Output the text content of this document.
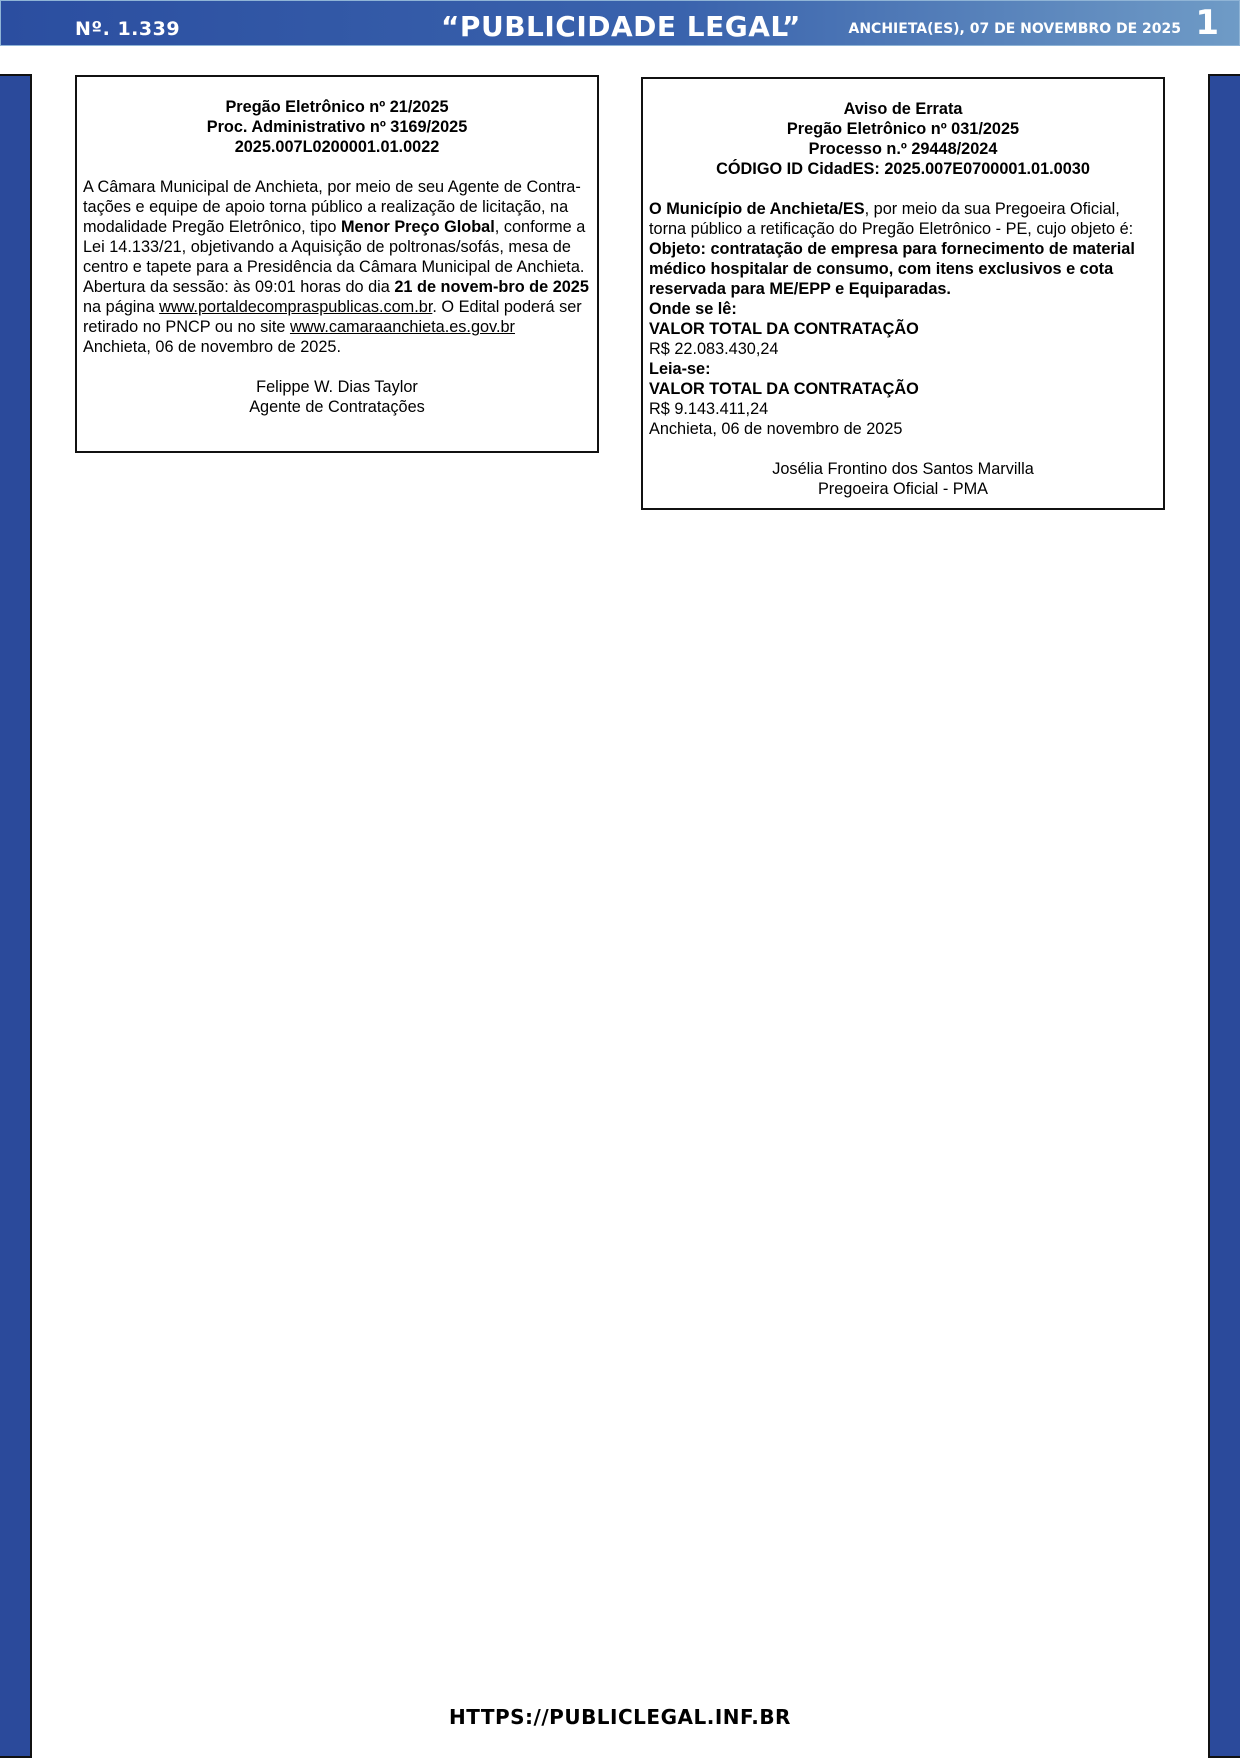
Nº. 1.339	“PUBLICIDADE LEGAL”	ANCHIETA(ES), 07 DE NOVEMBRO DE 2025 1
Pregão Eletrônico nº 21/2025
Proc. Administrativo nº 3169/2025
2025.007L0200001.01.0022

A Câmara Municipal de Anchieta, por meio de seu Agente de Contra-tações e equipe de apoio torna público a realização de licitação, na modalidade Pregão Eletrônico, tipo Menor Preço Global, conforme a Lei 14.133/21, objetivando a Aquisição de poltronas/sofás, mesa de centro e tapete para a Presidência da Câmara Municipal de Anchieta. Abertura da sessão: às 09:01 horas do dia 21 de novem-bro de 2025 na página www.portaldecompraspublicas.com.br. O Edital poderá ser retirado no PNCP ou no site www.camaraanchieta.es.gov.br

Anchieta, 06 de novembro de 2025.

Felippe W. Dias Taylor
Agente de Contratações
Aviso de Errata
Pregão Eletrônico nº 031/2025
Processo n.º 29448/2024
CÓDIGO ID CidadES: 2025.007E0700001.01.0030

O Município de Anchieta/ES, por meio da sua Pregoeira Oficial, torna público a retificação do Pregão Eletrônico - PE, cujo objeto é:

Objeto: contratação de empresa para fornecimento de material médico hospitalar de consumo, com itens exclusivos e cota reservada para ME/EPP e Equiparadas.

Onde se lê:

VALOR TOTAL DA CONTRATAÇÃO

R$ 22.083.430,24

Leia-se:

VALOR TOTAL DA CONTRATAÇÃO

R$ 9.143.411,24

Anchieta, 06 de novembro de 2025

Josélia Frontino dos Santos Marvilla
Pregoeira Oficial - PMA
HTTPS://PUBLICLEGAL.INF.BR
